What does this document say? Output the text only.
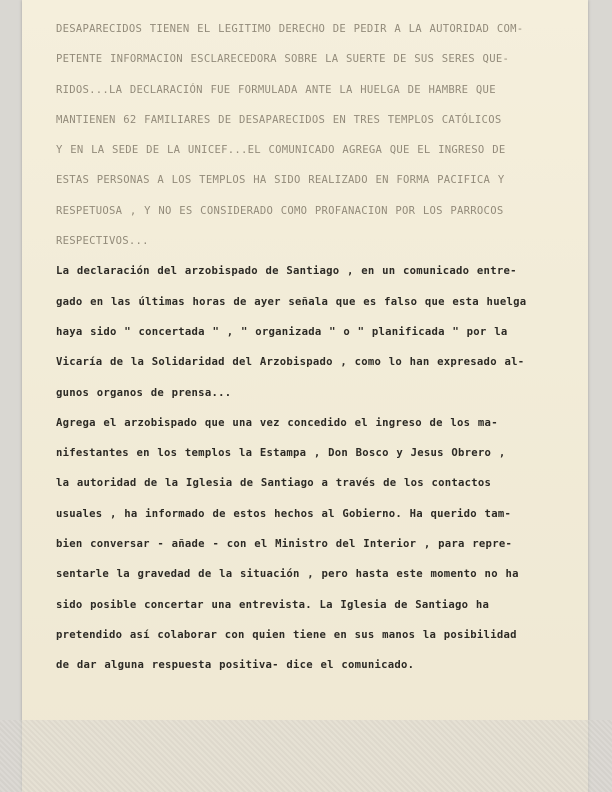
DESAPARECIDOS TIENEN EL LEGITIMO DERECHO DE PEDIR A LA AUTORIDAD COM-
PETENTE INFORMACION ESCLARECEDORA SOBRE LA SUERTE DE SUS SERES QUE-
RIDOS...LA DECLARACIÓN FUE FORMULADA ANTE LA HUELGA DE HAMBRE QUE
MANTIENEN 62 FAMILIARES DE DESAPARECIDOS EN TRES TEMPLOS CATÓLICOS
Y EN LA SEDE DE LA UNICEF...EL COMUNICADO AGREGA QUE EL INGRESO DE
ESTAS PERSONAS A LOS TEMPLOS HA SIDO REALIZADO EN FORMA PACIFICA Y
RESPETUOSA , Y NO ES CONSIDERADO COMO PROFANACION POR LOS PARROCOS
RESPECTIVOS...
La declaración del arzobispado de Santiago , en un comunicado entre-
gado en las últimas horas de ayer señala que es falso que esta huelga
haya sido " concertada " , " organizada " o " planificada " por la
Vicaría de la Solidaridad del Arzobispado , como lo han expresado al-
gunos organos de prensa...
Agrega el arzobispado que una vez concedido el ingreso de los ma-
nifestantes en los templos la Estampa , Don Bosco y Jesus Obrero ,
la autoridad de la Iglesia de Santiago a través de los contactos
usuales , ha informado de estos hechos al Gobierno. Ha querido tam-
bien conversar - añade - con el Ministro del Interior , para repre-
sentarle la gravedad de la situación , pero hasta este momento no ha
sido posible concertar una entrevista. La Iglesia de Santiago ha
pretendido así colaborar con quien tiene en sus manos la posibilidad
de dar alguna respuesta positiva- dice el comunicado.
